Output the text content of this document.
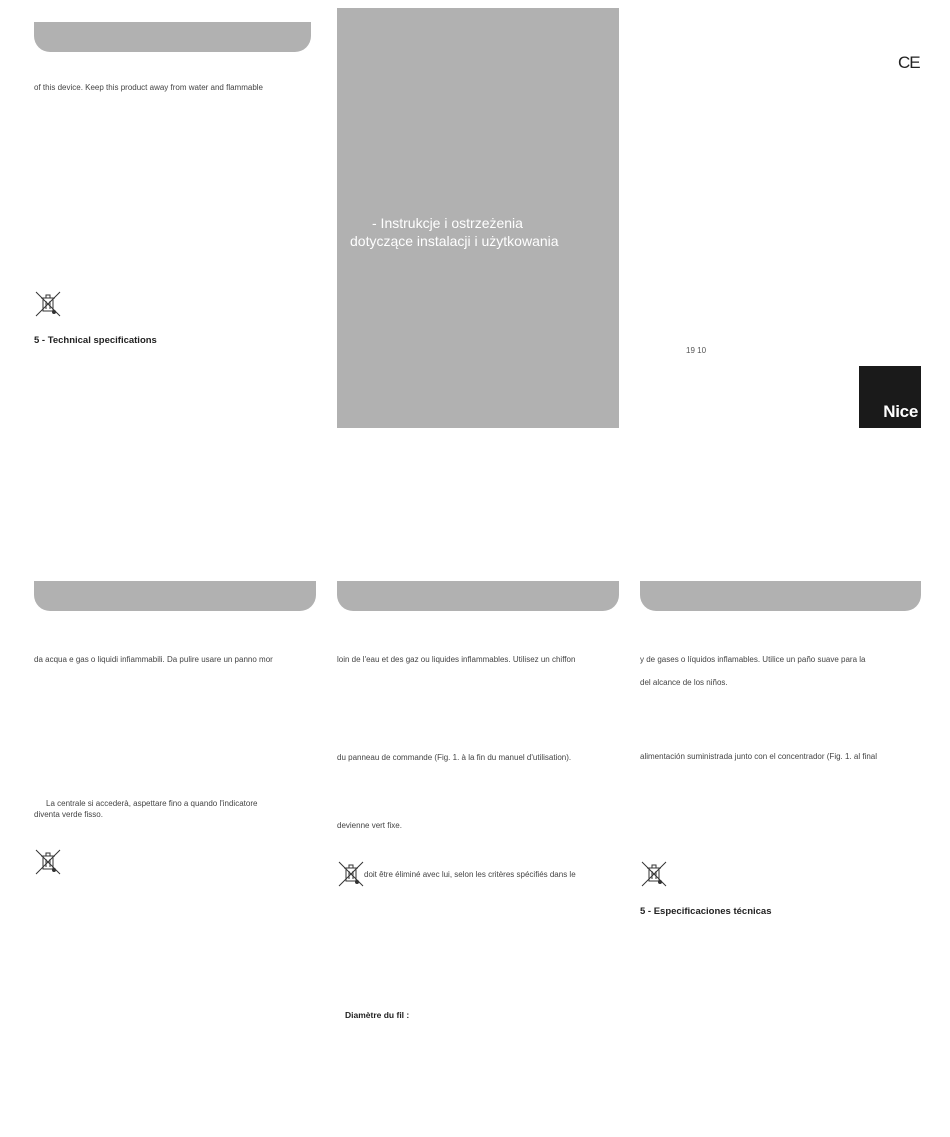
of this device. Keep this product away from water and flammable
5 - Technical specifications
- Instrukcje i ostrzeżenia
dotyczące instalacji i użytkowania
CE
19 10
Nice
da acqua e gas o liquidi infiammabili. Da pulire usare un panno mor
La centrale si accederà, aspettare fino a quando l'indicatore
diventa verde fisso.
loin de l'eau et des gaz ou liquides inflammables. Utilisez un chiffon
du panneau de commande (Fig. 1. à la fin du manuel d'utilisation).
devienne vert fixe.
doit être éliminé avec lui, selon les critères spécifiés dans le
Diamètre du fil :
y de gases o líquidos inflamables. Utilice un paño suave para la
del alcance de los niños.
alimentación suministrada junto con el concentrador (Fig. 1. al final
5 - Especificaciones técnicas
